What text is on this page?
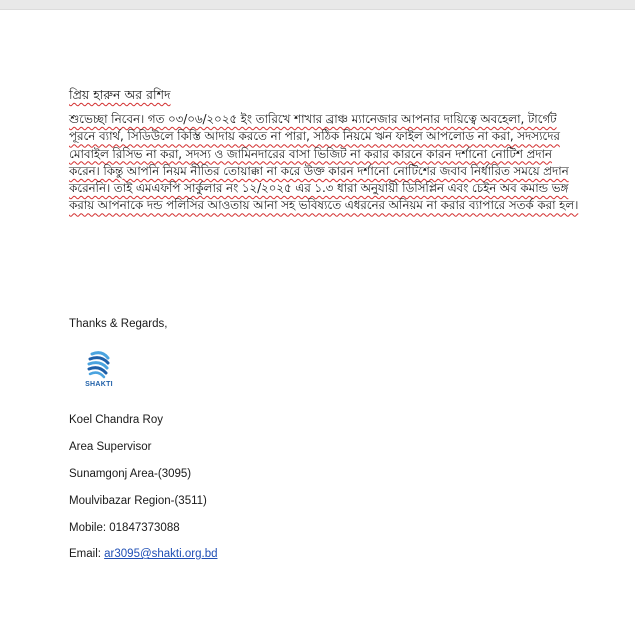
প্রিয় হারুন অর রশিদ

শুভেচ্ছা নিবেন। গত ০৩/০৬/২০২৫ ইং তারিখে শাখার ব্রাঞ্চ ম্যানেজার আপনার দায়িত্বে অবহেলা, টার্গেট পূরনে ব্যার্থ, সিডিউলে কিস্তি আদায় করতে না পারা, সঠিক নিয়মে ঋন ফাইল আপলোড না করা, সদস্যদের মোবাইল রিসিভ না করা, সদস্য ও জামিনদারের বাসা ভিজিট না করার কারনে কারন দর্শানো নোটিশ প্রদান করেন। কিন্তু আপনি নিয়ম নীতির তোয়াক্কা না করে উক্ত কারন দর্শানো নোটিশের জবাব নির্ধারিত সময়ে প্রদান করেননি। তাই এমএফপি সার্কুলার নং ১২/২০২৫ এর ১.৩ ধারা অনুযায়ী ডিসিপ্লিন এবং চেইন অব কমান্ড ভঙ্গ করায় আপনাকে দন্ড পলিসির আওতায় আনা সহ ভবিষ্যতে এধরনের অনিয়ম না করার ব্যাপারে সতর্ক করা হল।

Thanks & Regards,
SHAKTI
Koel Chandra Roy
Area Supervisor
Sunamgonj Area-(3095)
Moulvibazar Region-(3511)
Mobile: 01847373088
Email: ar3095@shakti.org.bd
